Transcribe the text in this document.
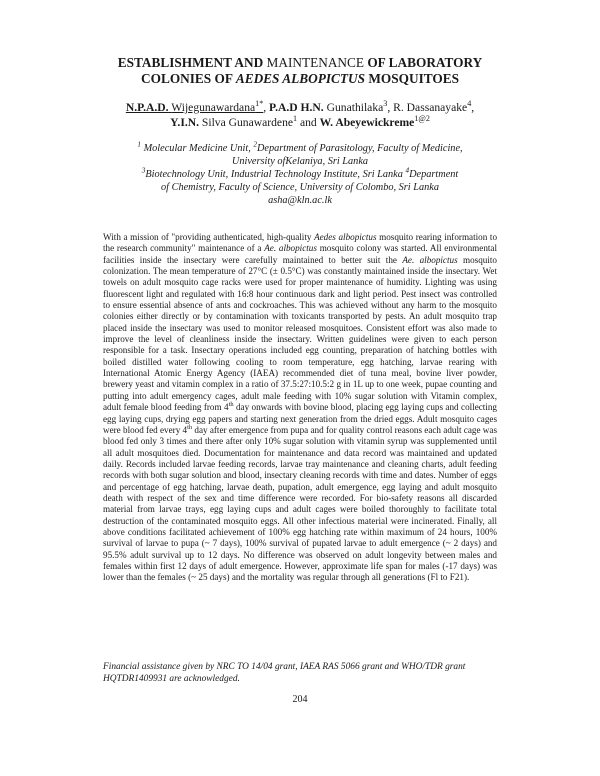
ESTABLISHMENT AND MAINTENANCE OF LABORATORY
COLONIES OF AEDES ALBOPICTUS MOSQUITOES
N.P.A.D. Wijegunawardana$^{1*}$, P.A.D H.N. Gunathilaka$^3$, R. Dassanayake$^4$,
Y.I.N. Silva Gunawardene$^1$ and W. Abeyewickreme$^{1@2}$
$^1$ Molecular Medicine Unit, $^2$Department of Parasitology, Faculty of Medicine,
University ofKelaniya, Sri Lanka
$^3$Biotechnology Unit, Industrial Technology Institute, Sri Lanka $^4$Department
of Chemistry, Faculty of Science, University of Colombo, Sri Lanka
asha@kln.ac.lk
With a mission of "providing authenticated, high-quality Aedes albopictus mosquito rearing information to the research community" maintenance of a Ae. albopictus mosquito colony was started. All environmental facilities inside the insectary were carefully maintained to better suit the Ae. albopictus mosquito colonization. The mean temperature of 27°C (± 0.5°C) was constantly maintained inside the insectary. Wet towels on adult mosquito cage racks were used for proper maintenance of humidity. Lighting was using fluorescent light and regulated with 16:8 hour continuous dark and light period. Pest insect was controlled to ensure essential absence of ants and cockroaches. This was achieved without any harm to the mosquito colonies either directly or by contamination with toxicants transported by pests. An adult mosquito trap placed inside the insectary was used to monitor released mosquitoes. Consistent effort was also made to improve the level of cleanliness inside the insectary. Written guidelines were given to each person responsible for a task. Insectary operations included egg counting, preparation of hatching bottles with boiled distilled water following cooling to room temperature, egg hatching, larvae rearing with International Atomic Energy Agency (IAEA) recommended diet of tuna meal, bovine liver powder, brewery yeast and vitamin complex in a ratio of 37.5:27:10.5:2 g in 1L up to one week, pupae counting and putting into adult emergency cages, adult male feeding with 10% sugar solution with Vitamin complex, adult female blood feeding from 4th day onwards with bovine blood, placing egg laying cups and collecting egg laying cups, drying egg papers and starting next generation from the dried eggs. Adult mosquito cages were blood fed every 4th day after emergence from pupa and for quality control reasons each adult cage was blood fed only 3 times and there after only 10% sugar solution with vitamin syrup was supplemented until all adult mosquitoes died. Documentation for maintenance and data record was maintained and updated daily. Records included larvae feeding records, larvae tray maintenance and cleaning charts, adult feeding records with both sugar solution and blood, insectary cleaning records with time and dates. Number of eggs and percentage of egg hatching, larvae death, pupation, adult emergence, egg laying and adult mosquito death with respect of the sex and time difference were recorded. For bio-safety reasons all discarded material from larvae trays, egg laying cups and adult cages were boiled thoroughly to facilitate total destruction of the contaminated mosquito eggs. All other infectious material were incinerated. Finally, all above conditions facilitated achievement of 100% egg hatching rate within maximum of 24 hours, 100% survival of larvae to pupa (~ 7 days), 100% survival of pupated larvae to adult emergence (~ 2 days) and 95.5% adult survival up to 12 days. No difference was observed on adult longevity between males and females within first 12 days of adult emergence. However, approximate life span for males (-17 days) was lower than the females (~ 25 days) and the mortality was regular through all generations (Fl to F21).
Financial assistance given by NRC TO 14/04 grant, IAEA RAS 5066 grant and WHO/TDR grant HQTDR1409931 are acknowledged.
204
